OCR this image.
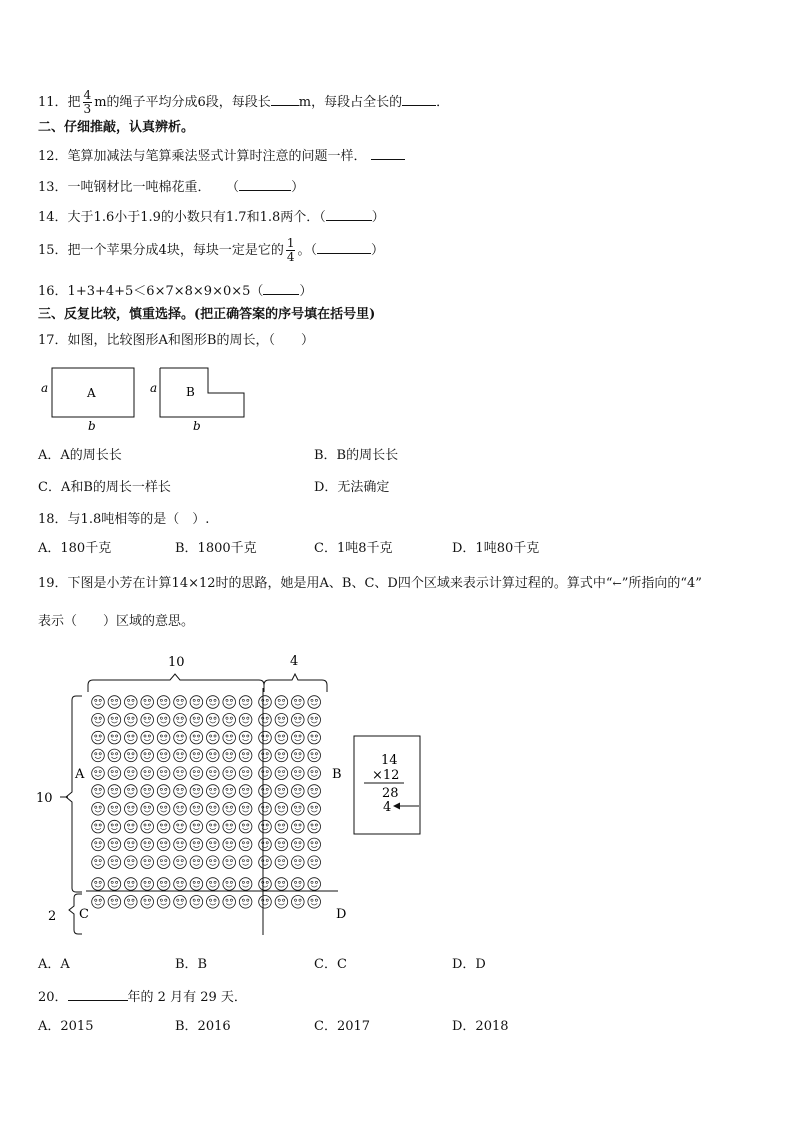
11．把 $\frac{4}{3}$ m的绳子平均分成6段，每段长 m，每段占全长的	．
二、仔细推敲，认真辨析。
12．笔算加减法与笔算乘法竖式计算时注意的问题一样．
13．一吨钢材比一吨棉花重． （	）
14．大于1.6小于1.9的小数只有1.7和1.8两个．（	）
15．把一个苹果分成4块，每块一定是它的 $\frac{1}{4}$ 。（	）
16．1+3+4+5＜6×7×8×9×0×5（	）
三、反复比较，慎重选择。(把正确答案的序号填在括号里)
17．如图，比较图形A和图形B的周长，（　　）
a	A
b
a B
b
A．A的周长长	B．B的周长长
C．A和B的周长一样长	D．无法确定
18．与1.8吨相等的是（　）.
A．180千克	B．1800千克	C．1吨8千克	D．1吨80千克
19．下图是小芳在计算14×12时的思路，她是用A、B、C、D四个区域来表示计算过程的。算式中“←”所指向的“4”
表示（　　）区域的意思。
10	4
10
2
A	B
C	D
14
×12
28
4
A．A	B．B	C．C	D．D
20．	年的 2 月有 29 天．
A．2015	B．2016	C．2017	D．2018
